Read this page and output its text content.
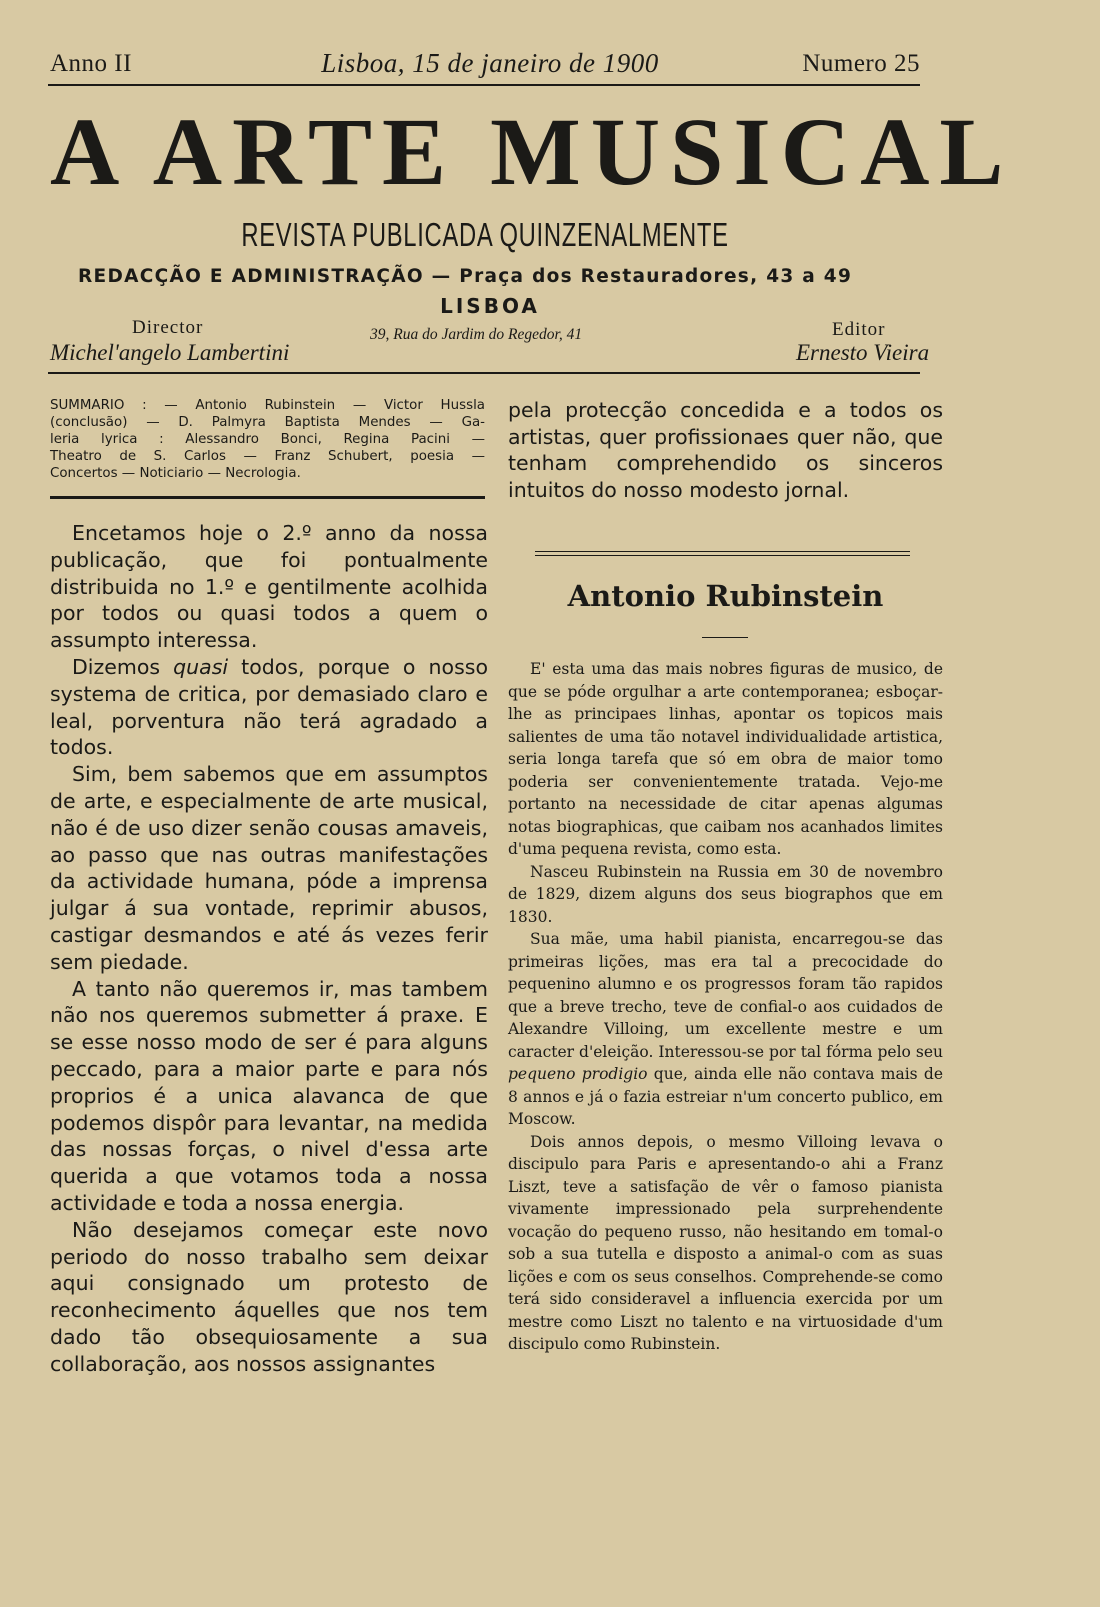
Anno II	Lisboa, 15 de janeiro de 1900	Numero 25
A ARTE MUSICAL
REVISTA PUBLICADA QUINZENALMENTE
REDACÇÃO E ADMINISTRAÇÃO — Praça dos Restauradores, 43 a 49
LISBOA
Director
Michel'angelo Lambertini
39, Rua do Jardim do Regedor, 41	Editor
Ernesto Vieira
SUMMARIO : — Antonio Rubinstein — Victor Hussla
(conclusão) — D. Palmyra Baptista Mendes — Ga-
leria lyrica : Alessandro Bonci, Regina Pacini —
Theatro de S. Carlos — Franz Schubert, poesia —
Concertos — Noticiario — Necrologia.

Encetamos hoje o 2.º anno da nossa publicação, que foi pontualmente distribuida no 1.º e gentilmente acolhida por todos ou quasi todos a quem o assumpto interessa.

Dizemos quasi todos, porque o nosso systema de critica, por demasiado claro e leal, porventura não terá agradado a todos.

Sim, bem sabemos que em assumptos de arte, e especialmente de arte musical, não é de uso dizer senão cousas amaveis, ao passo que nas outras manifestações da actividade humana, póde a imprensa julgar á sua vontade, reprimir abusos, castigar desmandos e até ás vezes ferir sem piedade.

A tanto não queremos ir, mas tambem não nos queremos submetter á praxe. E se esse nosso modo de ser é para alguns peccado, para a maior parte e para nós proprios é a unica alavanca de que podemos dispôr para levantar, na medida das nossas forças, o nivel d'essa arte querida a que votamos toda a nossa actividade e toda a nossa energia.

Não desejamos começar este novo periodo do nosso trabalho sem deixar aqui consignado um protesto de reconhecimento áquelles que nos tem dado tão obsequiosamente a sua collaboração, aos nossos assignantes

pela protecção concedida e a todos os artistas, quer profissionaes quer não, que tenham comprehendido os sinceros intuitos do nosso modesto jornal.
Antonio Rubinstein

E' esta uma das mais nobres figuras de musico, de que se póde orgulhar a arte contemporanea; esboçar-lhe as principaes linhas, apontar os topicos mais salientes de uma tão notavel individualidade artistica, seria longa tarefa que só em obra de maior tomo poderia ser convenientemente tratada. Vejo-me portanto na necessidade de citar apenas algumas notas biographicas, que caibam nos acanhados limites d'uma pequena revista, como esta.

Nasceu Rubinstein na Russia em 30 de novembro de 1829, dizem alguns dos seus biographos que em 1830.

Sua mãe, uma habil pianista, encarregou-se das primeiras lições, mas era tal a precocidade do pequenino alumno e os progressos foram tão rapidos que a breve trecho, teve de confial-o aos cuidados de Alexandre Villoing, um excellente mestre e um caracter d'eleição. Interessou-se por tal fórma pelo seu pequeno prodigio que, ainda elle não contava mais de 8 annos e já o fazia estreiar n'um concerto publico, em Moscow.

Dois annos depois, o mesmo Villoing levava o discipulo para Paris e apresentando-o ahi a Franz Liszt, teve a satisfação de vêr o famoso pianista vivamente impressionado pela surprehendente vocação do pequeno russo, não hesitando em tomal-o sob a sua tutella e disposto a animal-o com as suas lições e com os seus conselhos. Comprehende-se como terá sido consideravel a influencia exercida por um mestre como Liszt no talento e na virtuosidade d'um discipulo como Rubinstein.
